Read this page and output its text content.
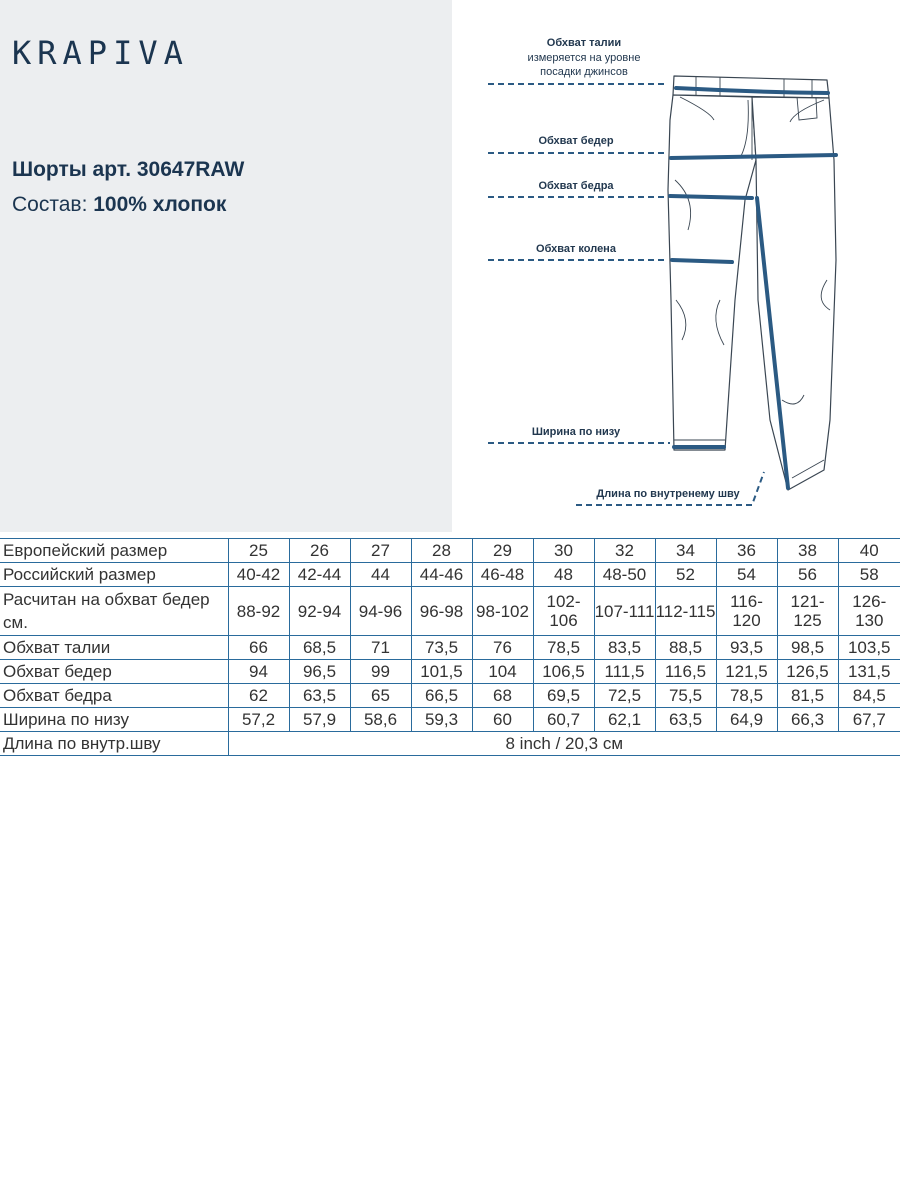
KRAPIVA
Шорты арт. 30647RAW
Состав: 100% хлопок
Обхват талии
измеряется на уровне
посадки джинсов
Обхват бедер
Обхват бедра
Обхват колена
Ширина по низу
Длина по внутренему шву
Европейский размер	25	26	27	28	29	30	32	34	36	38	40
Российский размер	40-42	42-44	44	44-46	46-48	48	48-50	52	54	56	58
Расчитан на обхват бедер см.	88-92	92-94	94-96	96-98	98-102	102-106	107-111	112-115	116-120	121-125	126-130
Обхват талии	66	68,5	71	73,5	76	78,5	83,5	88,5	93,5	98,5	103,5
Обхват бедер	94	96,5	99	101,5	104	106,5	111,5	116,5	121,5	126,5	131,5
Обхват бедра	62	63,5	65	66,5	68	69,5	72,5	75,5	78,5	81,5	84,5
Ширина по низу	57,2	57,9	58,6	59,3	60	60,7	62,1	63,5	64,9	66,3	67,7
Длина по внутр.шву	8 inch / 20,3 см										
